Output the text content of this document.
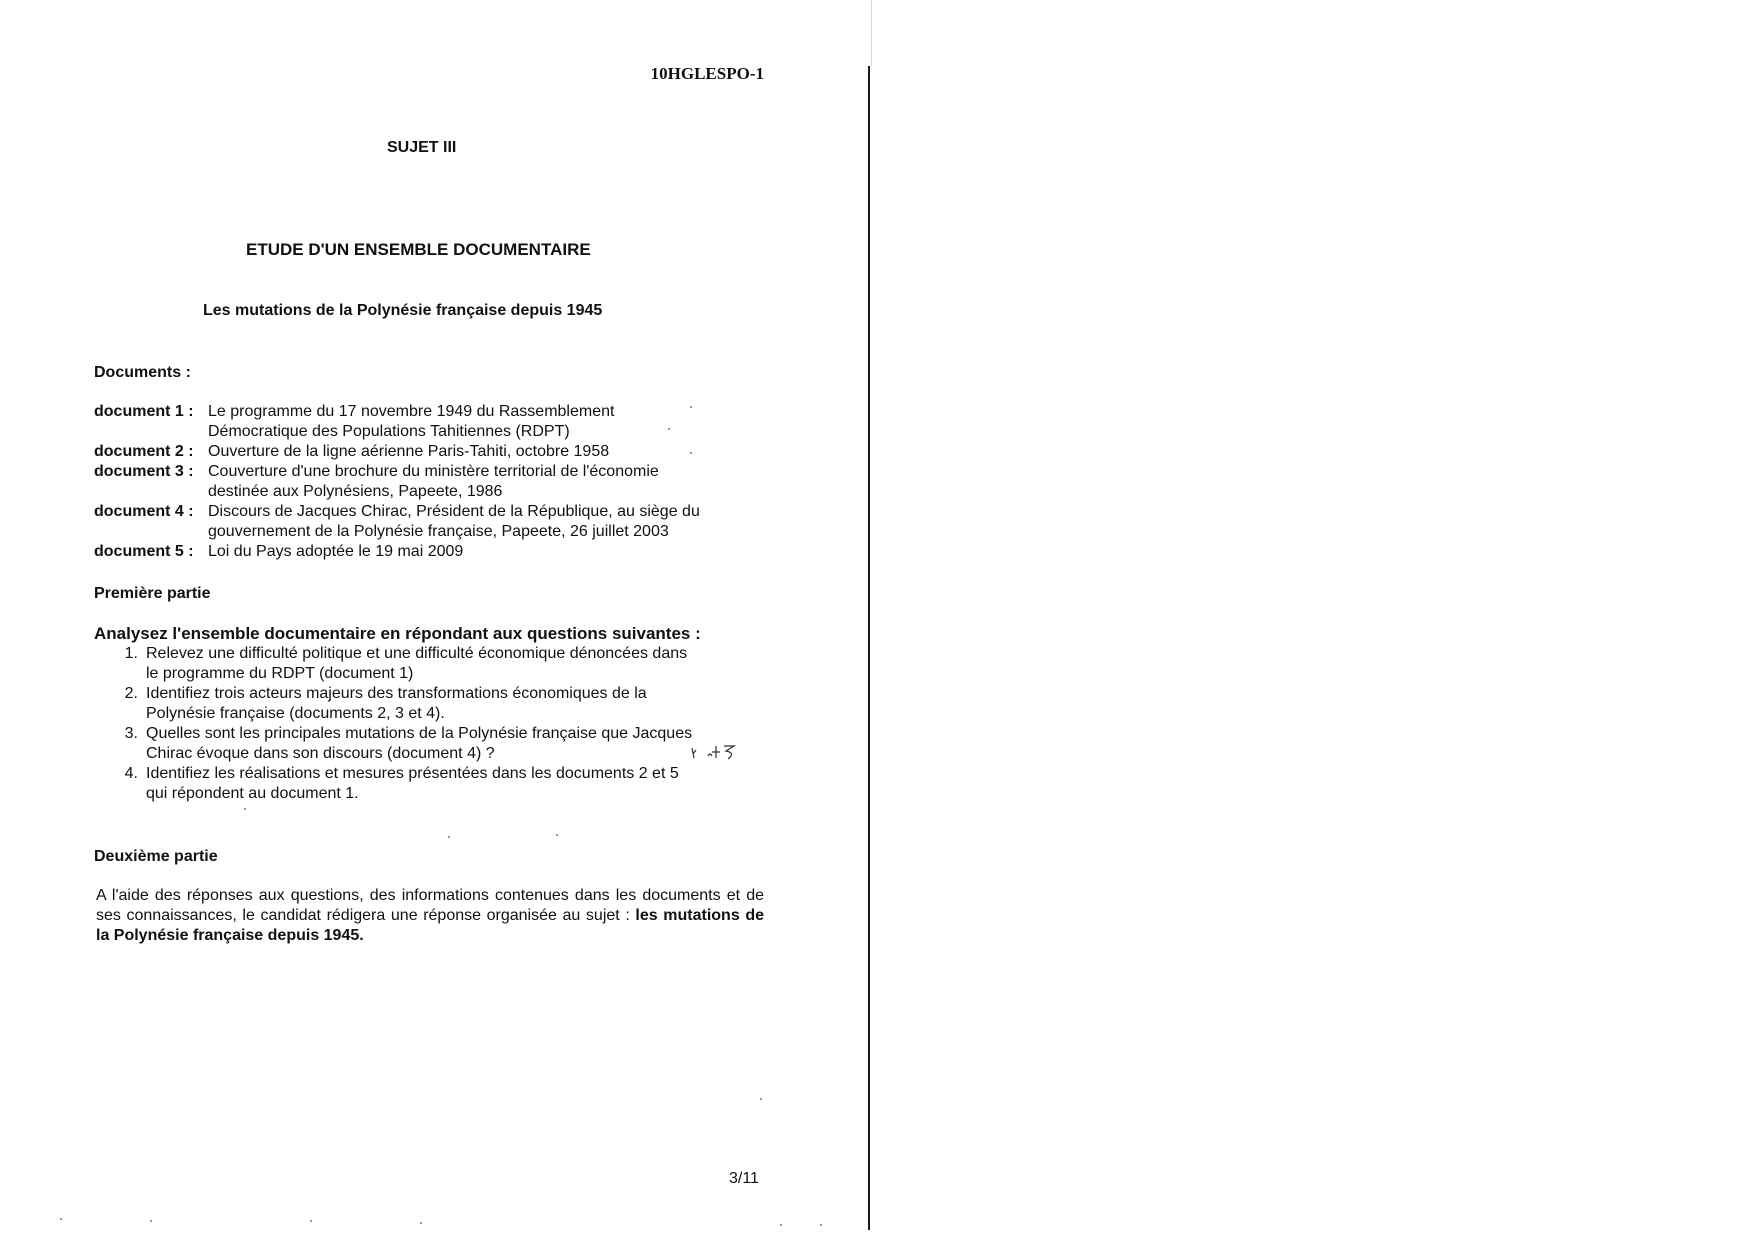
10HGLESPO-1
SUJET III
ETUDE D'UN ENSEMBLE DOCUMENTAIRE
Les mutations de la Polynésie française depuis 1945
Documents :
document 1 : Le programme du 17 novembre 1949 du Rassemblement
Démocratique des Populations Tahitiennes (RDPT)
document 2 : Ouverture de la ligne aérienne Paris-Tahiti, octobre 1958
document 3 : Couverture d'une brochure du ministère territorial de l'économie
destinée aux Polynésiens, Papeete, 1986
document 4 : Discours de Jacques Chirac, Président de la République, au siège du
gouvernement de la Polynésie française, Papeete, 26 juillet 2003
document 5 : Loi du Pays adoptée le 19 mai 2009
Première partie
Analysez l'ensemble documentaire en répondant aux questions suivantes :
1. Relevez une difficulté politique et une difficulté économique dénoncées dans
le programme du RDPT (document 1)
2. Identifiez trois acteurs majeurs des transformations économiques de la
Polynésie française (documents 2, 3 et 4).
3. Quelles sont les principales mutations de la Polynésie française que Jacques
Chirac évoque dans son discours (document 4) ?
4. Identifiez les réalisations et mesures présentées dans les documents 2 et 5
qui répondent au document 1.
Deuxième partie
A l'aide des réponses aux questions, des informations contenues dans les documents et de ses connaissances, le candidat rédigera une réponse organisée au sujet : les mutations de la Polynésie française depuis 1945.
3/11
